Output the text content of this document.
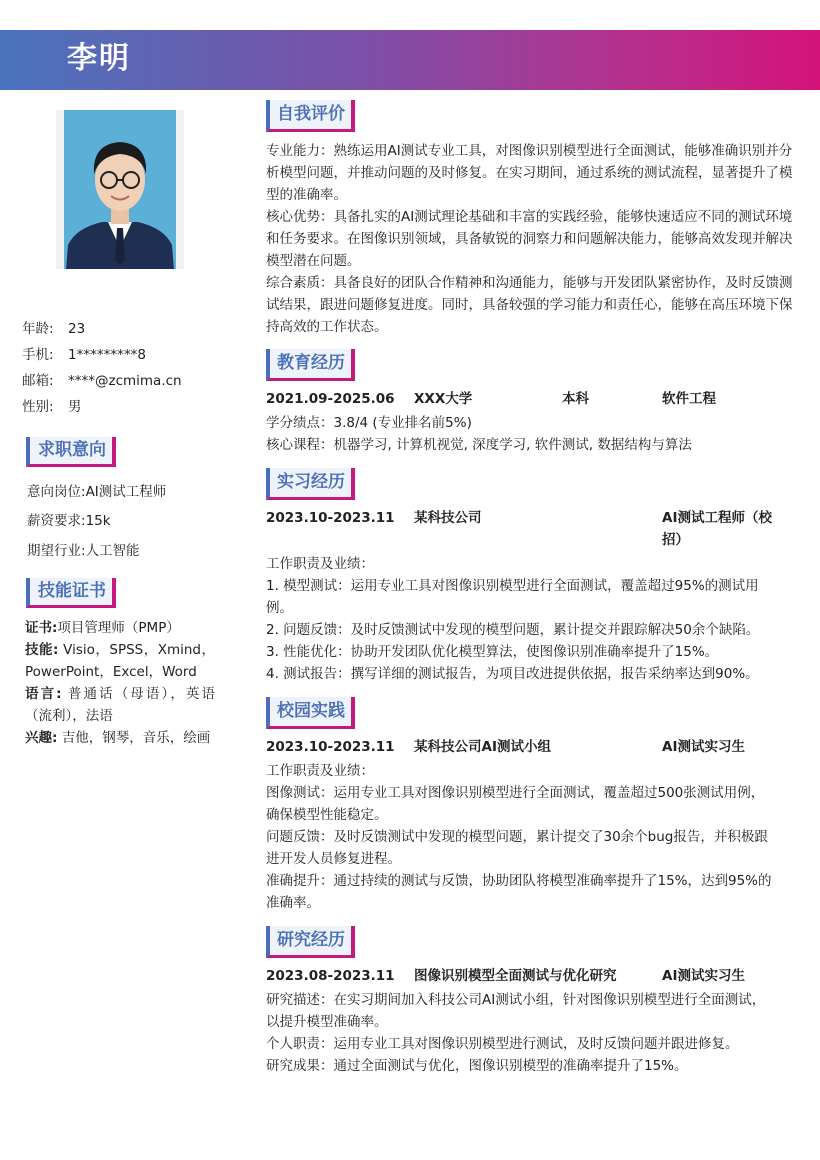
李明
年龄: 23
手机: 1*********8
邮箱: ****@zcmima.cn
性别: 男
求职意向
意向岗位:AI测试工程师
薪资要求:15k
期望行业:人工智能
技能证书
证书:项目管理师（PMP）
技能: Visio，SPSS，Xmind，PowerPoint，Excel，Word
语言: 普通话（母语），英语（流利），法语
兴趣: 吉他，钢琴，音乐，绘画
自我评价
专业能力：熟练运用AI测试专业工具，对图像识别模型进行全面测试，能够准确识别并分析模型问题，并推动问题的及时修复。在实习期间，通过系统的测试流程，显著提升了模型的准确率。
核心优势：具备扎实的AI测试理论基础和丰富的实践经验，能够快速适应不同的测试环境和任务要求。在图像识别领域，具备敏锐的洞察力和问题解决能力，能够高效发现并解决模型潜在问题。
综合素质：具备良好的团队合作精神和沟通能力，能够与开发团队紧密协作，及时反馈测试结果，跟进问题修复进度。同时，具备较强的学习能力和责任心，能够在高压环境下保持高效的工作状态。
教育经历
2021.09-2025.06 XXX大学	本科	软件工程
学分绩点：3.8/4 (专业排名前5%)
核心课程：机器学习, 计算机视觉, 深度学习, 软件测试, 数据结构与算法
实习经历
2023.10-2023.11 某科技公司	AI测试工程师（校
招）
工作职责及业绩：
1. 模型测试：运用专业工具对图像识别模型进行全面测试，覆盖超过95%的测试用
例。
2. 问题反馈：及时反馈测试中发现的模型问题，累计提交并跟踪解决50余个缺陷。
3. 性能优化：协助开发团队优化模型算法，使图像识别准确率提升了15%。
4. 测试报告：撰写详细的测试报告，为项目改进提供依据，报告采纳率达到90%。
校园实践
2023.10-2023.11 某科技公司AI测试小组	AI测试实习生
工作职责及业绩：
图像测试：运用专业工具对图像识别模型进行全面测试，覆盖超过500张测试用例，
确保模型性能稳定。
问题反馈：及时反馈测试中发现的模型问题，累计提交了30余个bug报告，并积极跟
进开发人员修复进程。
准确提升：通过持续的测试与反馈，协助团队将模型准确率提升了15%，达到95%的
准确率。
研究经历
2023.08-2023.11 图像识别模型全面测试与优化研究	AI测试实习生
研究描述：在实习期间加入科技公司AI测试小组，针对图像识别模型进行全面测试，
以提升模型准确率。
个人职责：运用专业工具对图像识别模型进行测试，及时反馈问题并跟进修复。
研究成果：通过全面测试与优化，图像识别模型的准确率提升了15%。
